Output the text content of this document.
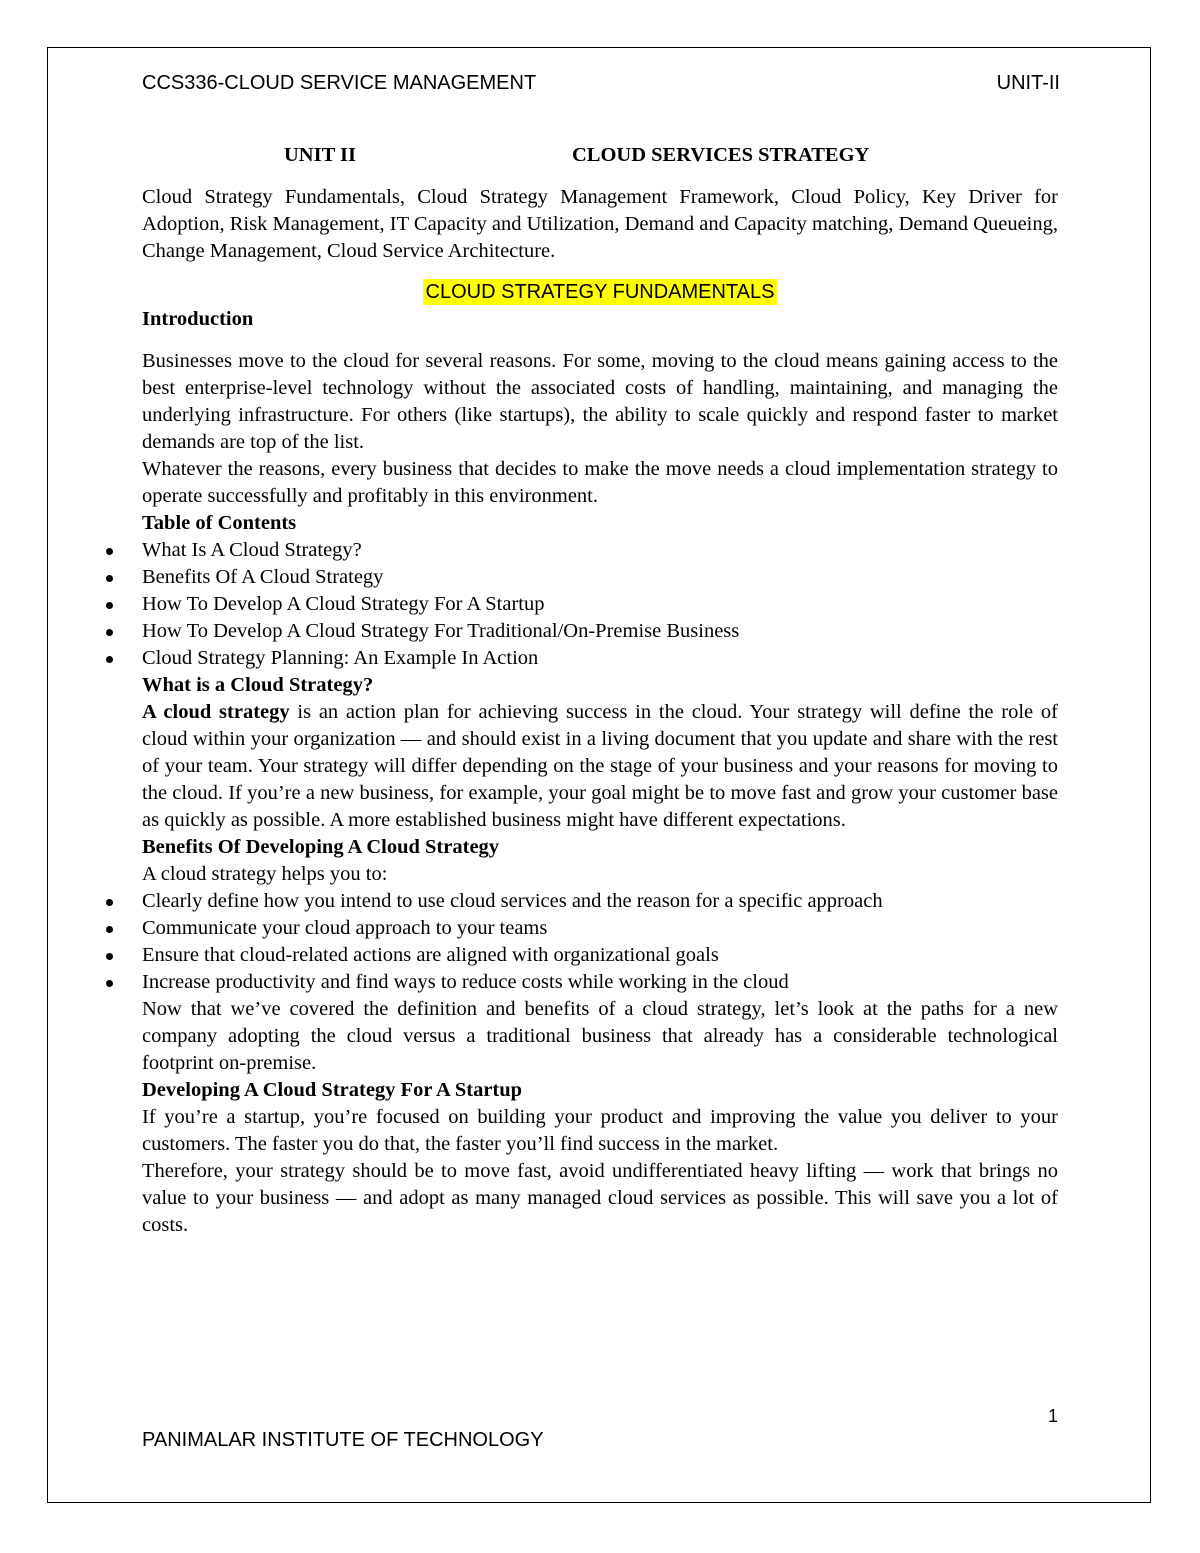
CCS336-CLOUD SERVICE MANAGEMENT	UNIT-II
UNIT II	CLOUD SERVICES STRATEGY

Cloud Strategy Fundamentals, Cloud Strategy Management Framework, Cloud Policy, Key Driver for Adoption, Risk Management, IT Capacity and Utilization, Demand and Capacity matching, Demand Queueing, Change Management, Cloud Service Architecture.

CLOUD STRATEGY FUNDAMENTALS
Introduction

Businesses move to the cloud for several reasons. For some, moving to the cloud means gaining access to the best enterprise-level technology without the associated costs of handling, maintaining, and managing the underlying infrastructure. For others (like startups), the ability to scale quickly and respond faster to market demands are top of the list.

Whatever the reasons, every business that decides to make the move needs a cloud implementation strategy to operate successfully and profitably in this environment.

Table of Contents
What Is A Cloud Strategy?
Benefits Of A Cloud Strategy
How To Develop A Cloud Strategy For A Startup
How To Develop A Cloud Strategy For Traditional/On-Premise Business
Cloud Strategy Planning: An Example In Action
What is a Cloud Strategy?

A cloud strategy is an action plan for achieving success in the cloud. Your strategy will define the role of cloud within your organization — and should exist in a living document that you update and share with the rest of your team. Your strategy will differ depending on the stage of your business and your reasons for moving to the cloud. If you’re a new business, for example, your goal might be to move fast and grow your customer base as quickly as possible. A more established business might have different expectations.

Benefits Of Developing A Cloud Strategy

A cloud strategy helps you to:

Clearly define how you intend to use cloud services and the reason for a specific approach
Communicate your cloud approach to your teams
Ensure that cloud-related actions are aligned with organizational goals
Increase productivity and find ways to reduce costs while working in the cloud

Now that we’ve covered the definition and benefits of a cloud strategy, let’s look at the paths for a new company adopting the cloud versus a traditional business that already has a considerable technological footprint on-premise.

Developing A Cloud Strategy For A Startup

If you’re a startup, you’re focused on building your product and improving the value you deliver to your customers. The faster you do that, the faster you’ll find success in the market.

Therefore, your strategy should be to move fast, avoid undifferentiated heavy lifting — work that brings no value to your business — and adopt as many managed cloud services as possible. This will save you a lot of costs.

1
PANIMALAR INSTITUTE OF TECHNOLOGY
